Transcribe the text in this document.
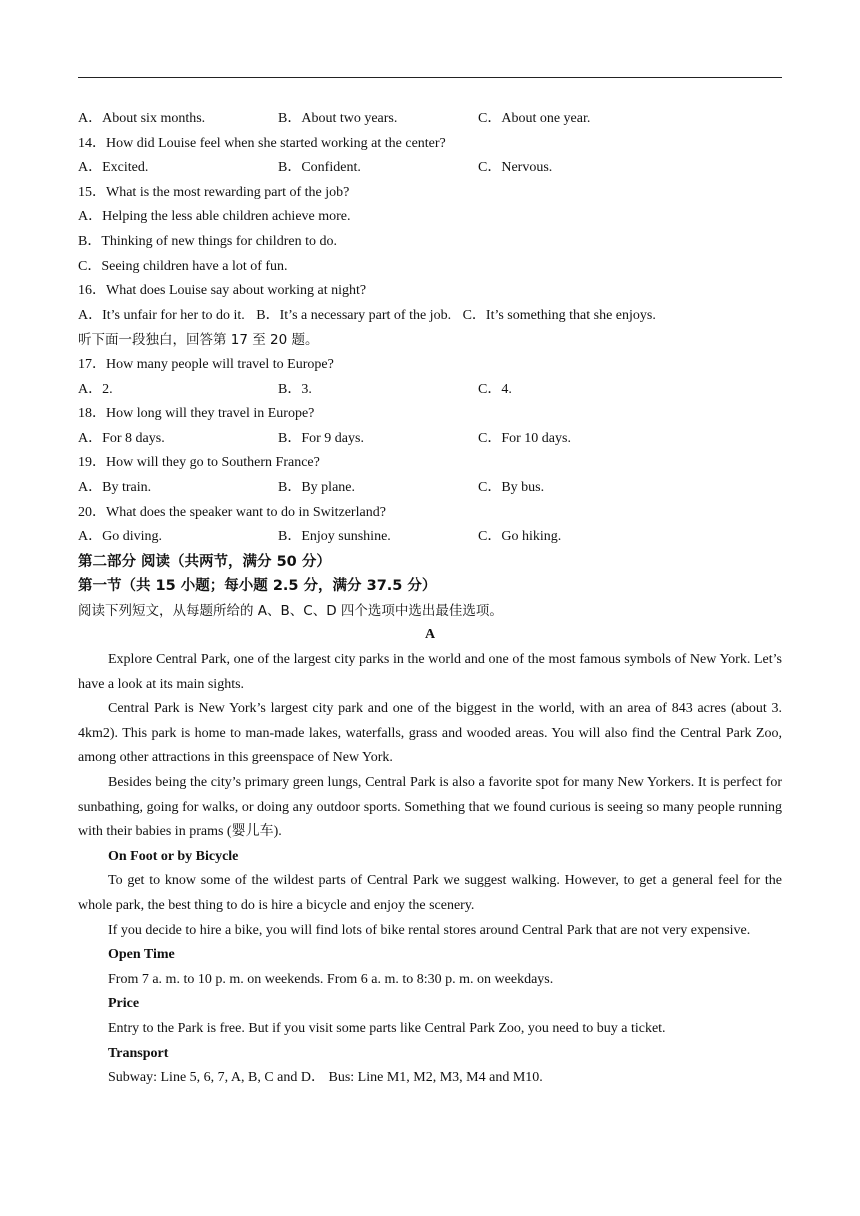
A．About six months.	B．About two years.	C．About one year.
14．How did Louise feel when she started working at the center?
A．Excited.	B．Confident.	C．Nervous.
15．What is the most rewarding part of the job?
A．Helping the less able children achieve more.
B．Thinking of new things for children to do.
C．Seeing children have a lot of fun.
16．What does Louise say about working at night?
A．It’s unfair for her to do it. B．It’s a necessary part of the job. C．It’s something that she enjoys.
听下面一段独白，回答第 17 至 20 题。
17．How many people will travel to Europe?
A．2.	B．3.	C．4.
18．How long will they travel in Europe?
A．For 8 days.	B．For 9 days.	C．For 10 days.
19．How will they go to Southern France?
A．By train.	B．By plane.	C．By bus.
20．What does the speaker want to do in Switzerland?
A．Go diving.	B．Enjoy sunshine.	C．Go hiking.
第二部分 阅读（共两节，满分 50 分）
第一节（共 15 小题；每小题 2.5 分，满分 37.5 分）
阅读下列短文，从每题所给的 A、B、C、D 四个选项中选出最佳选项。
A

Explore Central Park, one of the largest city parks in the world and one of the most famous symbols of New York. Let’s have a look at its main sights.

Central Park is New York’s largest city park and one of the biggest in the world, with an area of 843 acres (about 3. 4km2). This park is home to man-made lakes, waterfalls, grass and wooded areas. You will also find the Central Park Zoo, among other attractions in this greenspace of New York.

Besides being the city’s primary green lungs, Central Park is also a favorite spot for many New Yorkers. It is perfect for sunbathing, going for walks, or doing any outdoor sports. Something that we found curious is seeing so many people running with their babies in prams (婴儿车).

On Foot or by Bicycle

To get to know some of the wildest parts of Central Park we suggest walking. However, to get a general feel for the whole park, the best thing to do is hire a bicycle and enjoy the scenery.

If you decide to hire a bike, you will find lots of bike rental stores around Central Park that are not very expensive.

Open Time
From 7 a. m. to 10 p. m. on weekends. From 6 a. m. to 8:30 p. m. on weekdays.
Price
Entry to the Park is free. But if you visit some parts like Central Park Zoo, you need to buy a ticket.
Transport
Subway: Line 5, 6, 7, A, B, C and D． Bus: Line M1, M2, M3, M4 and M10.
